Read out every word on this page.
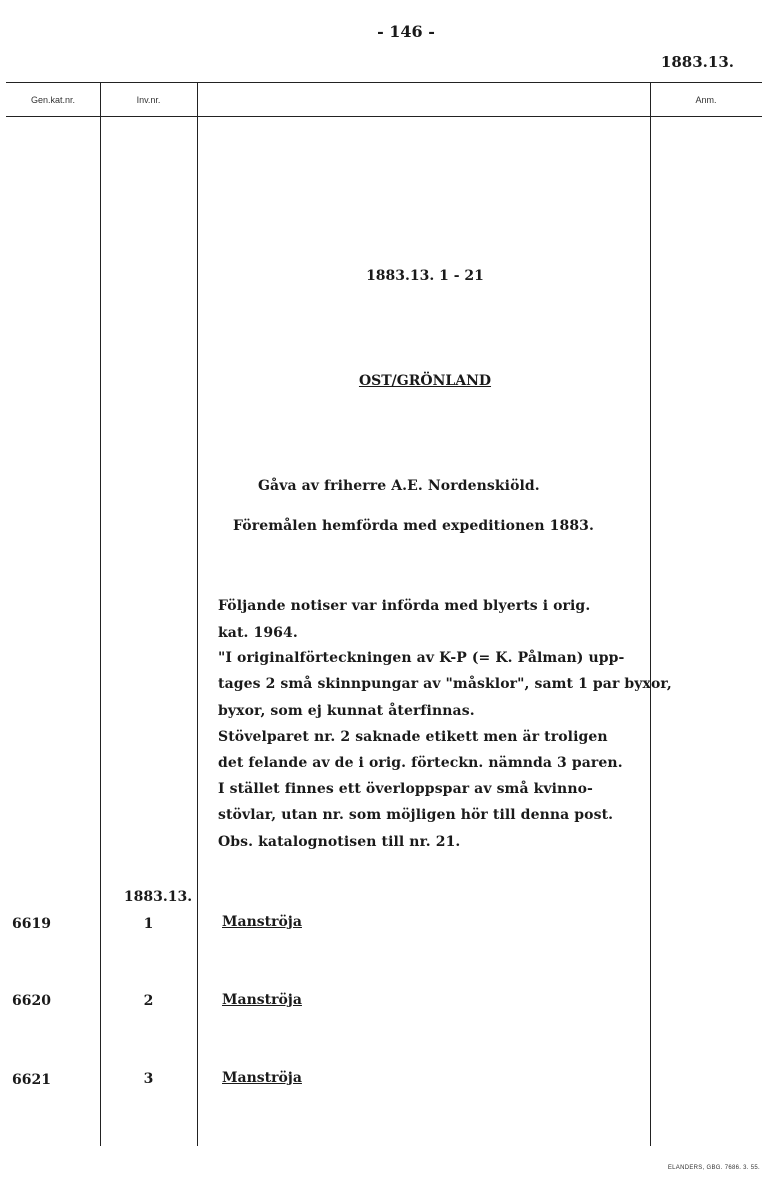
- 146 -
1883.13.
Gen.kat.nr.	Inv.nr.	Anm.
1883.13. 1 - 21
OST/GRÖNLAND
Gåva av friherre A.E. Nordenskiöld.
Föremålen hemförda med expeditionen 1883.
Följande notiser var införda med blyerts i orig.
kat. 1964.
"I originalförteckningen av K-P (= K. Pålman) upp-
tages 2 små skinnpungar av "måsklor", samt 1 par byxor,
byxor, som ej kunnat återfinnas.
Stövelparet nr. 2 saknade etikett men är troligen
det felande av de i orig. förteckn. nämnda 3 paren.
I stället finnes ett överloppspar av små kvinno-
stövlar, utan nr. som möjligen hör till denna post.
Obs. katalognotisen till nr. 21.
1883.13.
6619	1	Manströja
6620	2	Manströja
6621	3	Manströja
ELANDERS, GBG. 7686. 3. 55.
